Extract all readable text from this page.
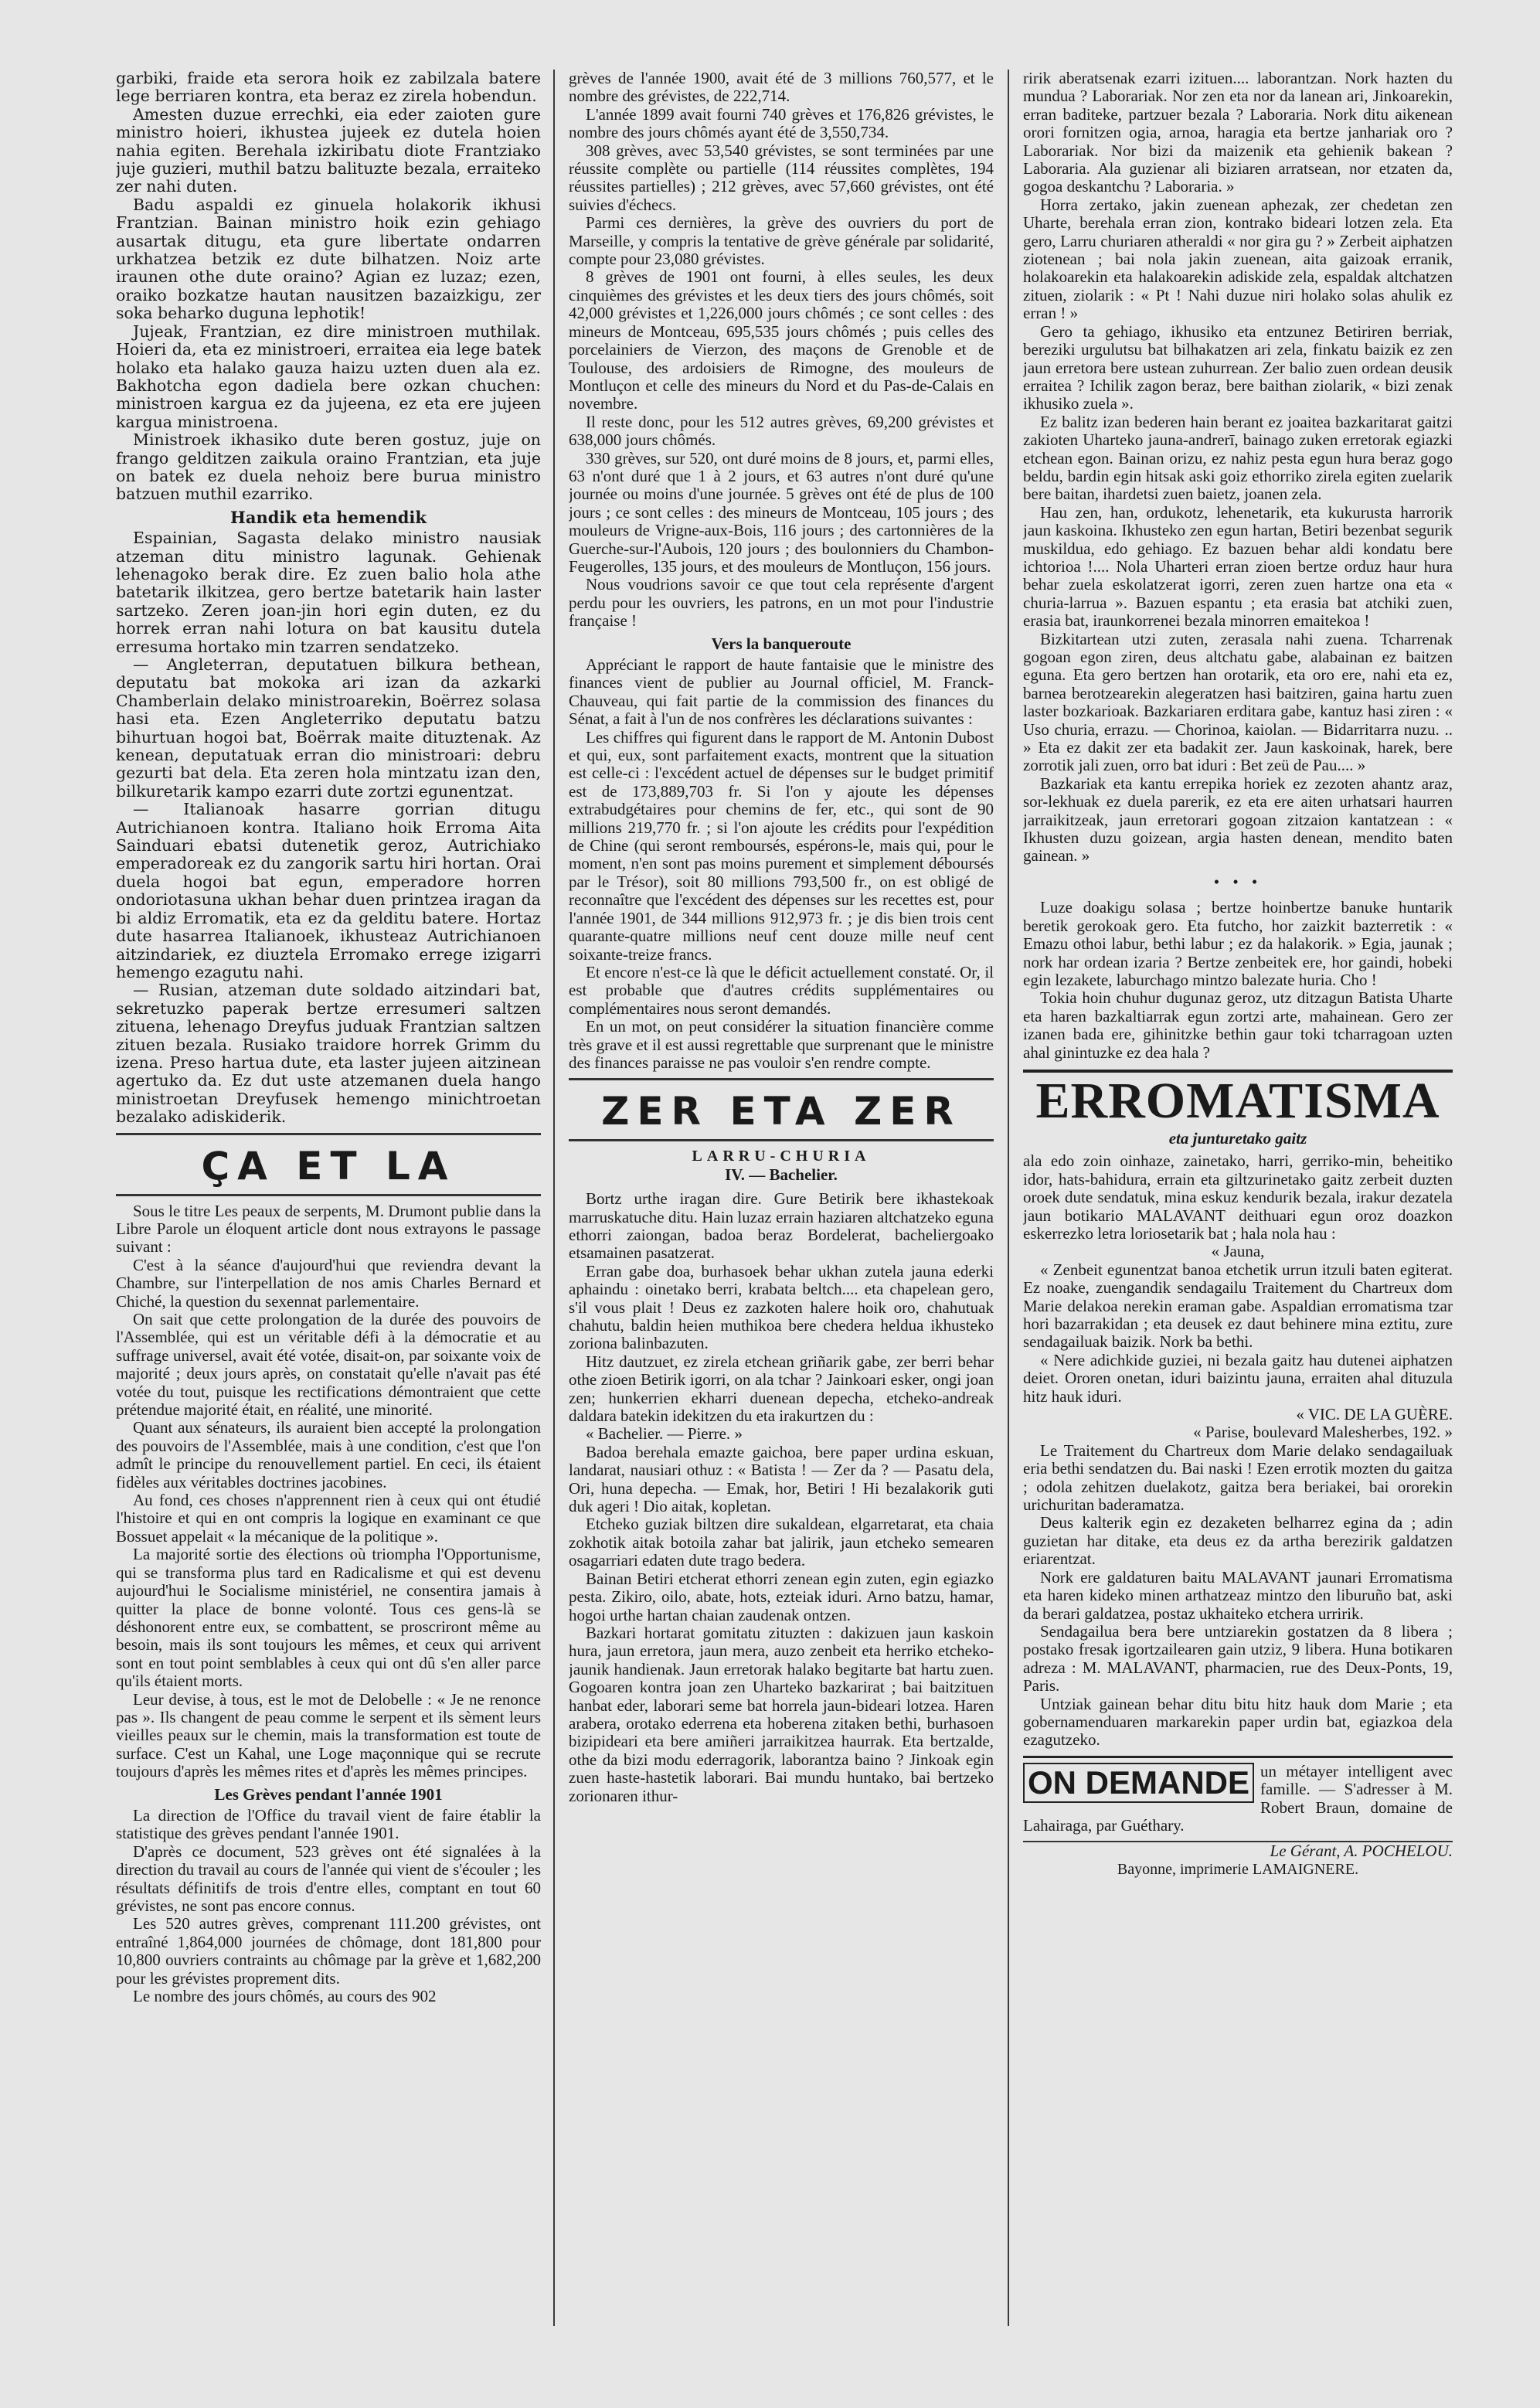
garbiki, fraide eta serora hoik ez zabilzala batere lege berriaren kontra, eta beraz ez zirela hobendun.

Amesten duzue errechki, eia eder zaioten gure ministro hoieri, ikhustea jujeek ez dutela hoien nahia egiten. Berehala izkiribatu diote Frantziako juje guzieri, muthil batzu balituzte bezala, erraiteko zer nahi duten.

Badu aspaldi ez ginuela holakorik ikhusi Frantzian. Bainan ministro hoik ezin gehiago ausartak ditugu, eta gure libertate ondarren urkhatzea betzik ez dute bilhatzen. Noiz arte iraunen othe dute oraino? Agian ez luzaz; ezen, oraiko bozkatze hautan nausitzen bazaizkigu, zer soka beharko duguna lephotik!

Jujeak, Frantzian, ez dire ministroen muthilak. Hoieri da, eta ez ministroeri, erraitea eia lege batek holako eta halako gauza haizu uzten duen ala ez. Bakhotcha egon dadiela bere ozkan chuchen: ministroen kargua ez da jujeena, ez eta ere jujeen kargua ministroena.

Ministroek ikhasiko dute beren gostuz, juje on frango gelditzen zaikula oraino Frantzian, eta juje on batek ez duela nehoiz bere burua ministro batzuen muthil ezarriko.

Handik eta hemendik

Espainian, Sagasta delako ministro nausiak atzeman ditu ministro lagunak. Gehienak lehenagoko berak dire. Ez zuen balio hola athe batetarik ilkitzea, gero bertze batetarik hain laster sartzeko. Zeren joan-jin hori egin duten, ez du horrek erran nahi lotura on bat kausitu dutela erresuma hortako min tzarren sendatzeko.

— Angleterran, deputatuen bilkura bethean, deputatu bat mokoka ari izan da azkarki Chamberlain delako ministroarekin, Boërrez solasa hasi eta. Ezen Angleterriko deputatu batzu bihurtuan hogoi bat, Boërrak maite dituztenak. Az kenean, deputatuak erran dio ministroari: debru gezurti bat dela. Eta zeren hola mintzatu izan den, bilkuretarik kampo ezarri dute zortzi egunentzat.

— Italianoak hasarre gorrian ditugu Autrichianoen kontra. Italiano hoik Erroma Aita Sainduari ebatsi dutenetik geroz, Autrichiako emperadoreak ez du zangorik sartu hiri hortan. Orai duela hogoi bat egun, emperadore horren ondoriotasuna ukhan behar duen printzea iragan da bi aldiz Erromatik, eta ez da gelditu batere. Hortaz dute hasarrea Italianoek, ikhusteaz Autrichianoen aitzindariek, ez diuztela Erromako errege izigarri hemengo ezagutu nahi.

— Rusian, atzeman dute soldado aitzindari bat, sekretuzko paperak bertze erresumeri saltzen zituena, lehenago Dreyfus juduak Frantzian saltzen zituen bezala. Rusiako traidore horrek Grimm du izena. Preso hartua dute, eta laster jujeen aitzinean agertuko da. Ez dut uste atzemanen duela hango ministroetan Dreyfusek hemengo minichtroetan bezalako adiskiderik.

ÇA ET LA

Sous le titre Les peaux de serpents, M. Drumont publie dans la Libre Parole un éloquent article dont nous extrayons le passage suivant :

C'est à la séance d'aujourd'hui que reviendra devant la Chambre, sur l'interpellation de nos amis Charles Bernard et Chiché, la question du sexennat parlementaire.

On sait que cette prolongation de la durée des pouvoirs de l'Assemblée, qui est un véritable défi à la démocratie et au suffrage universel, avait été votée, disait-on, par soixante voix de majorité ; deux jours après, on constatait qu'elle n'avait pas été votée du tout, puisque les rectifications démontraient que cette prétendue majorité était, en réalité, une minorité.

Quant aux sénateurs, ils auraient bien accepté la prolongation des pouvoirs de l'Assemblée, mais à une condition, c'est que l'on admît le principe du renouvellement partiel. En ceci, ils étaient fidèles aux véritables doctrines jacobines.

Au fond, ces choses n'apprennent rien à ceux qui ont étudié l'histoire et qui en ont compris la logique en examinant ce que Bossuet appelait « la mécanique de la politique ».

La majorité sortie des élections où triompha l'Opportunisme, qui se transforma plus tard en Radicalisme et qui est devenu aujourd'hui le Socialisme ministériel, ne consentira jamais à quitter la place de bonne volonté. Tous ces gens-là se déshonorent entre eux, se combattent, se proscriront même au besoin, mais ils sont toujours les mêmes, et ceux qui arrivent sont en tout point semblables à ceux qui ont dû s'en aller parce qu'ils étaient morts.

Leur devise, à tous, est le mot de Delobelle : « Je ne renonce pas ». Ils changent de peau comme le serpent et ils sèment leurs vieilles peaux sur le chemin, mais la transformation est toute de surface. C'est un Kahal, une Loge maçonnique qui se recrute toujours d'après les mêmes rites et d'après les mêmes principes.

Les Grèves pendant l'année 1901

La direction de l'Office du travail vient de faire établir la statistique des grèves pendant l'année 1901.

D'après ce document, 523 grèves ont été signalées à la direction du travail au cours de l'année qui vient de s'écouler ; les résultats définitifs de trois d'entre elles, comptant en tout 60 grévistes, ne sont pas encore connus.

Les 520 autres grèves, comprenant 111.200 grévistes, ont entraîné 1,864,000 journées de chômage, dont 181,800 pour 10,800 ouvriers contraints au chômage par la grève et 1,682,200 pour les grévistes proprement dits.

Le nombre des jours chômés, au cours des 902

grèves de l'année 1900, avait été de 3 millions 760,577, et le nombre des grévistes, de 222,714.

L'année 1899 avait fourni 740 grèves et 176,826 grévistes, le nombre des jours chômés ayant été de 3,550,734.

308 grèves, avec 53,540 grévistes, se sont terminées par une réussite complète ou partielle (114 réussites complètes, 194 réussites partielles) ; 212 grèves, avec 57,660 grévistes, ont été suivies d'échecs.

Parmi ces dernières, la grève des ouvriers du port de Marseille, y compris la tentative de grève générale par solidarité, compte pour 23,080 grévistes.

8 grèves de 1901 ont fourni, à elles seules, les deux cinquièmes des grévistes et les deux tiers des jours chômés, soit 42,000 grévistes et 1,226,000 jours chômés ; ce sont celles : des mineurs de Montceau, 695,535 jours chômés ; puis celles des porcelainiers de Vierzon, des maçons de Grenoble et de Toulouse, des ardoisiers de Rimogne, des mouleurs de Montluçon et celle des mineurs du Nord et du Pas-de-Calais en novembre.

Il reste donc, pour les 512 autres grèves, 69,200 grévistes et 638,000 jours chômés.

330 grèves, sur 520, ont duré moins de 8 jours, et, parmi elles, 63 n'ont duré que 1 à 2 jours, et 63 autres n'ont duré qu'une journée ou moins d'une journée. 5 grèves ont été de plus de 100 jours ; ce sont celles : des mineurs de Montceau, 105 jours ; des mouleurs de Vrigne-aux-Bois, 116 jours ; des cartonnières de la Guerche-sur-l'Aubois, 120 jours ; des boulonniers du Chambon-Feugerolles, 135 jours, et des mouleurs de Montluçon, 156 jours.

Nous voudrions savoir ce que tout cela représente d'argent perdu pour les ouvriers, les patrons, en un mot pour l'industrie française !

Vers la banqueroute

Appréciant le rapport de haute fantaisie que le ministre des finances vient de publier au Journal officiel, M. Franck-Chauveau, qui fait partie de la commission des finances du Sénat, a fait à l'un de nos confrères les déclarations suivantes :

Les chiffres qui figurent dans le rapport de M. Antonin Dubost et qui, eux, sont parfaitement exacts, montrent que la situation est celle-ci : l'excédent actuel de dépenses sur le budget primitif est de 173,889,703 fr. Si l'on y ajoute les dépenses extrabudgétaires pour chemins de fer, etc., qui sont de 90 millions 219,770 fr. ; si l'on ajoute les crédits pour l'expédition de Chine (qui seront remboursés, espérons-le, mais qui, pour le moment, n'en sont pas moins purement et simplement déboursés par le Trésor), soit 80 millions 793,500 fr., on est obligé de reconnaître que l'excédent des dépenses sur les recettes est, pour l'année 1901, de 344 millions 912,973 fr. ; je dis bien trois cent quarante-quatre millions neuf cent douze mille neuf cent soixante-treize francs.

Et encore n'est-ce là que le déficit actuellement constaté. Or, il est probable que d'autres crédits supplémentaires ou complémentaires nous seront demandés.

En un mot, on peut considérer la situation financière comme très grave et il est aussi regrettable que surprenant que le ministre des finances paraisse ne pas vouloir s'en rendre compte.

ZER ETA ZER
LARRU-CHURIA
IV. — Bachelier.

Bortz urthe iragan dire. Gure Betirik bere ikhastekoak marruskatuche ditu. Hain luzaz errain haziaren altchatzeko eguna ethorri zaiongan, badoa beraz Bordelerat, bacheliergoako etsamainen pasatzerat.

Erran gabe doa, burhasoek behar ukhan zutela jauna ederki aphaindu : oinetako berri, krabata beltch.... eta chapelean gero, s'il vous plait ! Deus ez zazkoten halere hoik oro, chahutuak chahutu, baldin heien muthikoa bere chedera heldua ikhusteko zoriona balinbazuten.

Hitz dautzuet, ez zirela etchean griñarik gabe, zer berri behar othe zioen Betirik igorri, on ala tchar ? Jainkoari esker, ongi joan zen; hunkerrien ekharri duenean depecha, etcheko-andreak daldara batekin idekitzen du eta irakurtzen du :

« Bachelier. — Pierre. »

Badoa berehala emazte gaichoa, bere paper urdina eskuan, landarat, nausiari othuz : « Batista ! — Zer da ? — Pasatu dela, Ori, huna depecha. — Emak, hor, Betiri ! Hi bezalakorik guti duk ageri ! Dio aitak, kopletan.

Etcheko guziak biltzen dire sukaldean, elgarretarat, eta chaia zokhotik aitak botoila zahar bat jalirik, jaun etcheko semearen osagarriari edaten dute trago bedera.

Bainan Betiri etcherat ethorri zenean egin zuten, egin egiazko pesta. Zikiro, oilo, abate, hots, ezteiak iduri. Arno batzu, hamar, hogoi urthe hartan chaian zaudenak ontzen.

Bazkari hortarat gomitatu zituzten : dakizuen jaun kaskoin hura, jaun erretora, jaun mera, auzo zenbeit eta herriko etcheko-jaunik handienak. Jaun erretorak halako begitarte bat hartu zuen. Gogoaren kontra joan zen Uharteko bazkarirat ; bai baitzituen hanbat eder, laborari seme bat horrela jaun-bideari lotzea. Haren arabera, orotako ederrena eta hoberena zitaken bethi, burhasoen bizipideari eta bere amiñeri jarraikitzea haurrak. Eta bertzalde, othe da bizi modu ederragorik, laborantza baino ? Jinkoak egin zuen haste-hastetik laborari. Bai mundu huntako, bai bertzeko zorionaren ithur-

ririk aberatsenak ezarri izituen.... laborantzan. Nork hazten du mundua ? Laborariak. Nor zen eta nor da lanean ari, Jinkoarekin, erran baditeke, partzuer bezala ? Laboraria. Nork ditu aikenean orori fornitzen ogia, arnoa, haragia eta bertze janhariak oro ? Laborariak. Nor bizi da maizenik eta gehienik bakean ? Laboraria. Ala guzienar ali biziaren arratsean, nor etzaten da, gogoa deskantchu ? Laboraria. »

Horra zertako, jakin zuenean aphezak, zer chedetan zen Uharte, berehala erran zion, kontrako bideari lotzen zela. Eta gero, Larru churiaren atheraldi « nor gira gu ? » Zerbeit aiphatzen ziotenean ; bai nola jakin zuenean, aita gaizoak erranik, holakoarekin eta halakoarekin adiskide zela, espaldak altchatzen zituen, ziolarik : « Pt ! Nahi duzue niri holako solas ahulik ez erran ! »

Gero ta gehiago, ikhusiko eta entzunez Betiriren berriak, bereziki urgulutsu bat bilhakatzen ari zela, finkatu baizik ez zen jaun erretora bere ustean zuhurrean. Zer balio zuen ordean deusik erraitea ? Ichilik zagon beraz, bere baithan ziolarik, « bizi zenak ikhusiko zuela ».

Ez balitz izan bederen hain berant ez joaitea bazkaritarat gaitzi zakioten Uharteko jauna-andrerī, bainago zuken erretorak egiazki etchean egon. Bainan orizu, ez nahiz pesta egun hura beraz gogo beldu, bardin egin hitsak aski goiz ethorriko zirela egiten zuelarik bere baitan, ihardetsi zuen baietz, joanen zela.

Hau zen, han, ordukotz, lehenetarik, eta kukurusta harrorik jaun kaskoina. Ikhusteko zen egun hartan, Betiri bezenbat segurik muskildua, edo gehiago. Ez bazuen behar aldi kondatu bere ichtorioa !.... Nola Uharteri erran zioen bertze orduz haur hura behar zuela eskolatzerat igorri, zeren zuen hartze ona eta « churia-larrua ». Bazuen espantu ; eta erasia bat atchiki zuen, erasia bat, iraunkorrenei bezala minorren emaitekoa !

Bizkitartean utzi zuten, zerasala nahi zuena. Tcharrenak gogoan egon ziren, deus altchatu gabe, alabainan ez baitzen eguna. Eta gero bertzen han orotarik, eta oro ere, nahi eta ez, barnea berotzearekin alegeratzen hasi baitziren, gaina hartu zuen laster bozkarioak. Bazkariaren erditara gabe, kantuz hasi ziren : « Uso churia, errazu. — Chorinoa, kaiolan. — Bidarritarra nuzu. .. » Eta ez dakit zer eta badakit zer. Jaun kaskoinak, harek, bere zorrotik jali zuen, orro bat iduri : Bet zeü de Pau.... »

Bazkariak eta kantu errepika horiek ez zezoten ahantz araz, sor-lekhuak ez duela parerik, ez eta ere aiten urhatsari haurren jarraikitzeak, jaun erretorari gogoan zitzaion kantatzean : « Ikhusten duzu goizean, argia hasten denean, mendito baten gainean. »

• • •

Luze doakigu solasa ; bertze hoinbertze banuke huntarik beretik gerokoak gero. Eta futcho, hor zaizkit bazterretik : « Emazu othoi labur, bethi labur ; ez da halakorik. » Egia, jaunak ; nork har ordean izaria ? Bertze zenbeitek ere, hor gaindi, hobeki egin lezakete, laburchago mintzo balezate huria. Cho !

Tokia hoin chuhur dugunaz geroz, utz ditzagun Batista Uharte eta haren bazkaltiarrak egun zortzi arte, mahainean. Gero zer izanen bada ere, gihinitzke bethin gaur toki tcharragoan uzten ahal ginintuzke ez dea hala ?

ERROMATISMA
eta junturetako gaitz

ala edo zoin oinhaze, zainetako, harri, gerriko-min, beheitiko idor, hats-bahidura, errain eta giltzurinetako gaitz zerbeit duzten oroek dute sendatuk, mina eskuz kendurik bezala, irakur dezatela jaun botikario MALAVANT deithuari egun oroz doazkon eskerrezko letra loriosetarik bat ; hala nola hau :

« Jauna,

« Zenbeit egunentzat banoa etchetik urrun itzuli baten egiterat. Ez noake, zuengandik sendagailu Traitement du Chartreux dom Marie delakoa nerekin eraman gabe. Aspaldian erromatisma tzar hori bazarrakidan ; eta deusek ez daut behinere mina eztitu, zure sendagailuak baizik. Nork ba bethi.

« Nere adichkide guziei, ni bezala gaitz hau dutenei aiphatzen deiet. Ororen onetan, iduri baizintu jauna, erraiten ahal dituzula hitz hauk iduri.

« VIC. DE LA GUÈRE.

« Parise, boulevard Malesherbes, 192. »

Le Traitement du Chartreux dom Marie delako sendagailuak eria bethi sendatzen du. Bai naski ! Ezen errotik mozten du gaitza ; odola zehitzen duelakotz, gaitza bera beriakei, bai ororekin urichuritan baderamatza.

Deus kalterik egin ez dezaketen belharrez egina da ; adin guzietan har ditake, eta deus ez da artha berezirik galdatzen eriarentzat.

Nork ere galdaturen baitu MALAVANT jaunari Erromatisma eta haren kideko minen arthatzeaz mintzo den liburuño bat, aski da berari galdatzea, postaz ukhaiteko etchera urririk.

Sendagailua bera bere untziarekin gostatzen da 8 libera ; postako fresak igortzailearen gain utziz, 9 libera. Huna botikaren adreza : M. MALAVANT, pharmacien, rue des Deux-Ponts, 19, Paris.

Untziak gainean behar ditu bitu hitz hauk dom Marie ; eta gobernamenduaren markarekin paper urdin bat, egiazkoa dela ezagutzeko.

ON DEMANDE un métayer intelligent avec famille. — S'adresser à M. Robert Braun, domaine de Lahairaga, par Guéthary.
Le Gérant, A. POCHELOU.
Bayonne, imprimerie LAMAIGNERE.
